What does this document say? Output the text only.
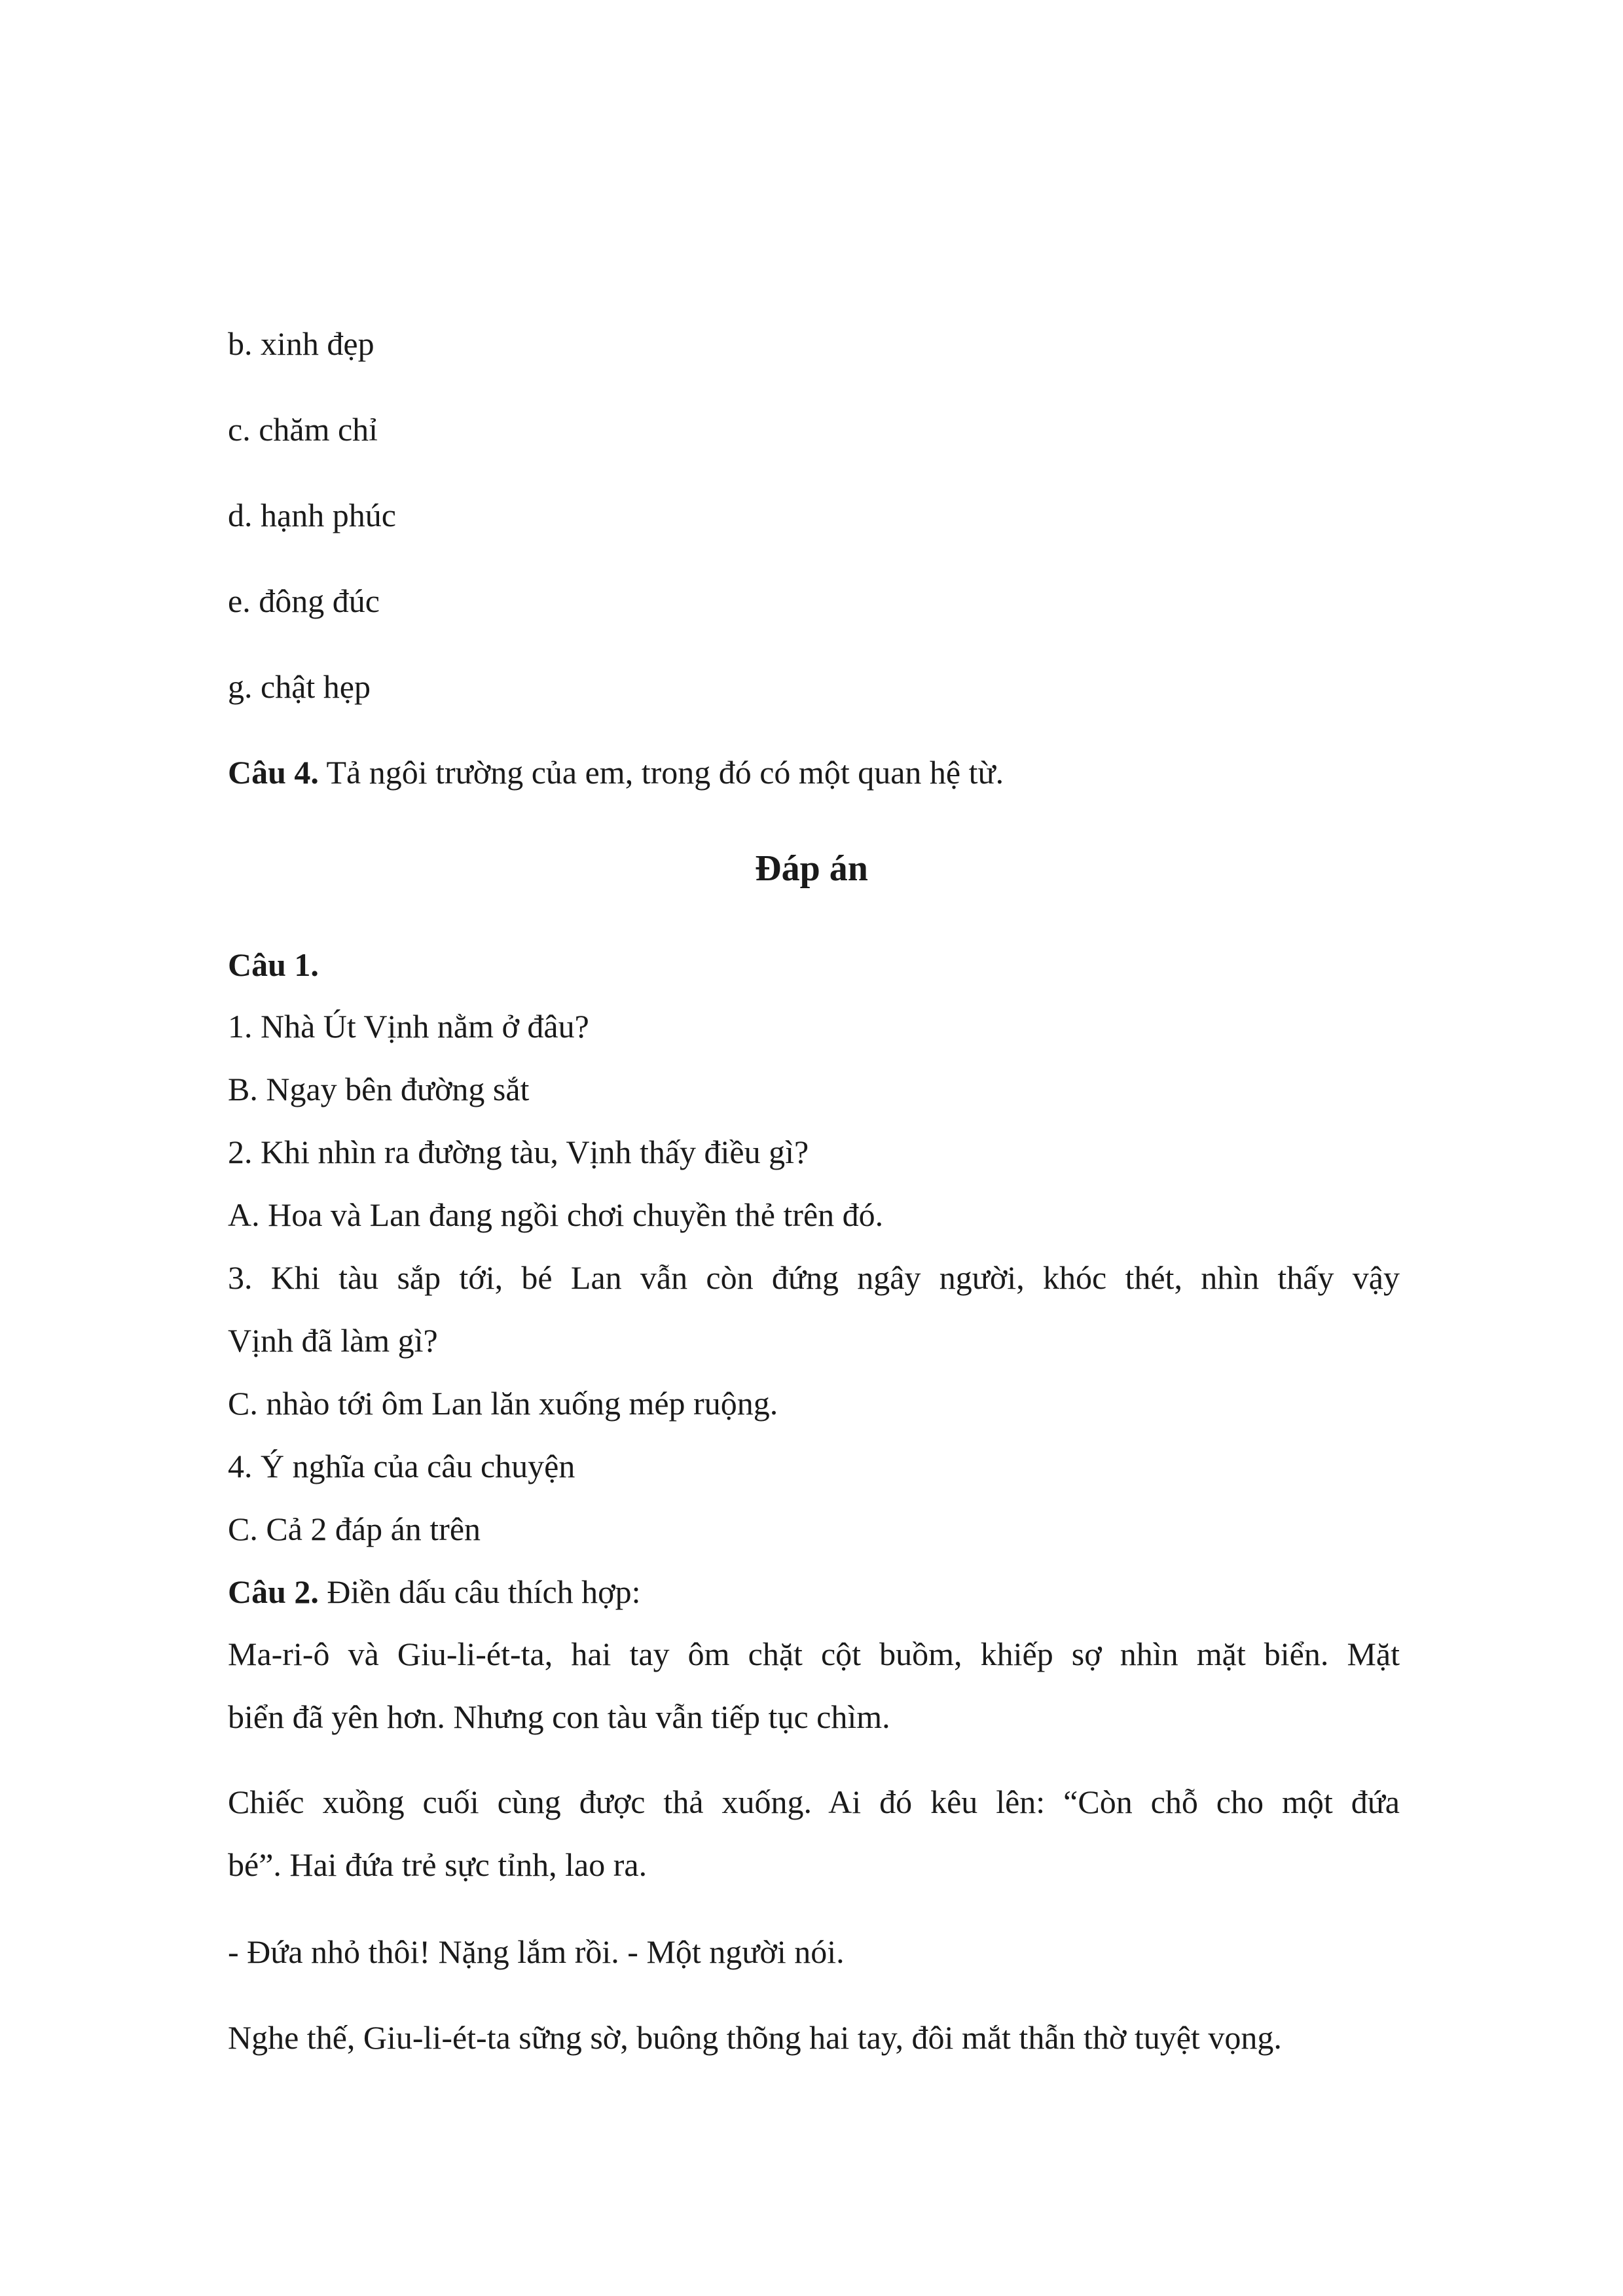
b. xinh đẹp
c. chăm chỉ
d. hạnh phúc
e. đông đúc
g. chật hẹp
Câu 4. Tả ngôi trường của em, trong đó có một quan hệ từ.
Đáp án
Câu 1.
1. Nhà Út Vịnh nằm ở đâu?
B. Ngay bên đường sắt
2. Khi nhìn ra đường tàu, Vịnh thấy điều gì?
A. Hoa và Lan đang ngồi chơi chuyền thẻ trên đó.
3. Khi tàu sắp tới, bé Lan vẫn còn đứng ngây người, khóc thét, nhìn thấy vậy
Vịnh đã làm gì?
C. nhào tới ôm Lan lăn xuống mép ruộng.
4. Ý nghĩa của câu chuyện
C. Cả 2 đáp án trên
Câu 2. Điền dấu câu thích hợp:
Ma-ri-ô và Giu-li-ét-ta, hai tay ôm chặt cột buồm, khiếp sợ nhìn mặt biển. Mặt
biển đã yên hơn. Nhưng con tàu vẫn tiếp tục chìm.
Chiếc xuồng cuối cùng được thả xuống. Ai đó kêu lên: “Còn chỗ cho một đứa
bé”. Hai đứa trẻ sực tỉnh, lao ra.
- Đứa nhỏ thôi! Nặng lắm rồi. - Một người nói.
Nghe thế, Giu-li-ét-ta sững sờ, buông thõng hai tay, đôi mắt thẫn thờ tuyệt vọng.
